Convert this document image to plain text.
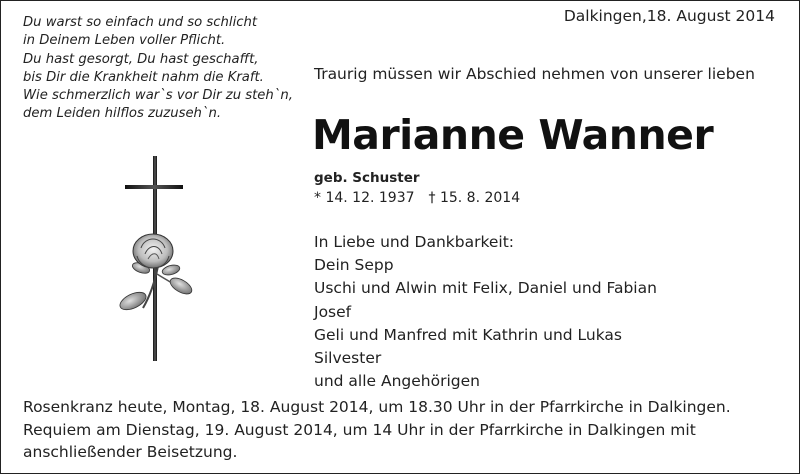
Du warst so einfach und so schlicht
in Deinem Leben voller Pflicht.
Du hast gesorgt, Du hast geschafft,
bis Dir die Krankheit nahm die Kraft.
Wie schmerzlich war`s vor Dir zu steh`n,
dem Leiden hilflos zuzuseh`n.
Dalkingen,18. August 2014
Traurig müssen wir Abschied nehmen von unserer lieben
Marianne Wanner
geb. Schuster
* 14. 12. 1937 † 15. 8. 2014
In Liebe und Dankbarkeit:
Dein Sepp
Uschi und Alwin mit Felix, Daniel und Fabian
Josef
Geli und Manfred mit Kathrin und Lukas
Silvester
und alle Angehörigen
Rosenkranz heute, Montag, 18. August 2014, um 18.30 Uhr in der Pfarrkirche in Dalkingen.
Requiem am Dienstag, 19. August 2014, um 14 Uhr in der Pfarrkirche in Dalkingen mit
anschließender Beisetzung.
